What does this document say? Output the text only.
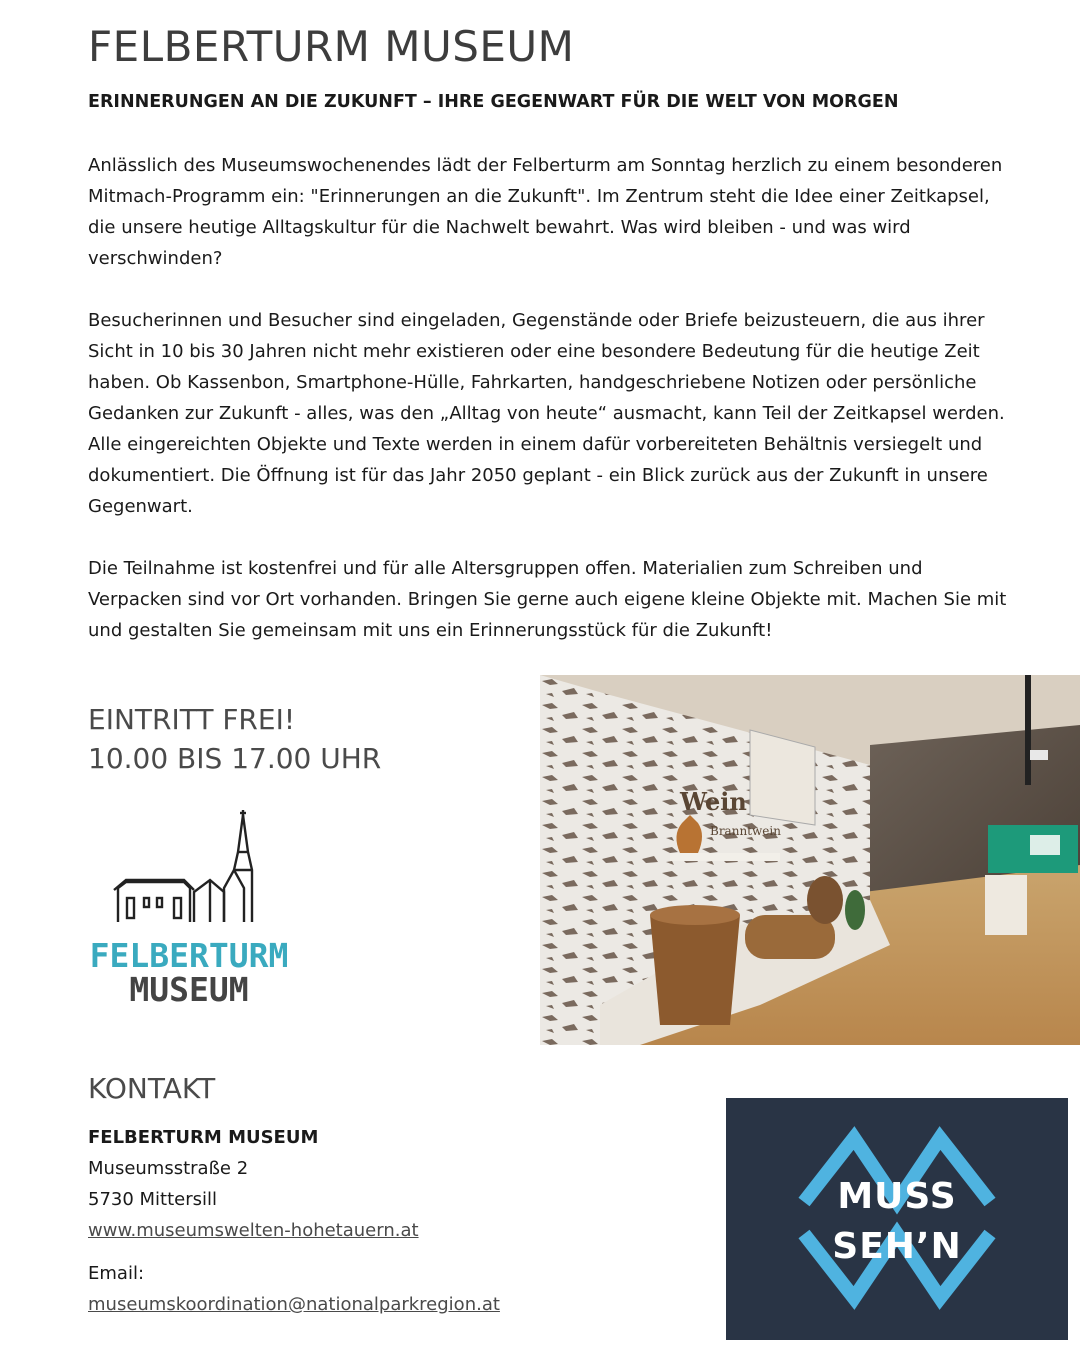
FELBERTURM MUSEUM
ERINNERUNGEN AN DIE ZUKUNFT – IHRE GEGENWART FÜR DIE WELT VON MORGEN

Anlässlich des Museumswochenendes lädt der Felberturm am Sonntag herzlich zu einem besonderen Mitmach-Programm ein: "Erinnerungen an die Zukunft". Im Zentrum steht die Idee einer Zeitkapsel, die unsere heutige Alltagskultur für die Nachwelt bewahrt. Was wird bleiben - und was wird verschwinden?

Besucherinnen und Besucher sind eingeladen, Gegenstände oder Briefe beizusteuern, die aus ihrer Sicht in 10 bis 30 Jahren nicht mehr existieren oder eine besondere Bedeutung für die heutige Zeit haben. Ob Kassenbon, Smartphone-Hülle, Fahrkarten, handgeschriebene Notizen oder persönliche Gedanken zur Zukunft - alles, was den „Alltag von heute“ ausmacht, kann Teil der Zeitkapsel werden. Alle eingereichten Objekte und Texte werden in einem dafür vorbereiteten Behältnis versiegelt und dokumentiert. Die Öffnung ist für das Jahr 2050 geplant - ein Blick zurück aus der Zukunft in unsere Gegenwart.

Die Teilnahme ist kostenfrei und für alle Altersgruppen offen. Materialien zum Schreiben und Verpacken sind vor Ort vorhanden. Bringen Sie gerne auch eigene kleine Objekte mit. Machen Sie mit und gestalten Sie gemeinsam mit uns ein Erinnerungsstück für die Zukunft!

EINTRITT FREI!
10.00 BIS 17.00 UHR
FELBERTURM
MUSEUM
Wein
Branntwein
KONTAKT
FELBERTURM MUSEUM
Museumsstraße 2
5730 Mittersill
www.museumswelten-hohetauern.at
Email:
museumskoordination@nationalparkregion.at
MUSS
SEH’N
